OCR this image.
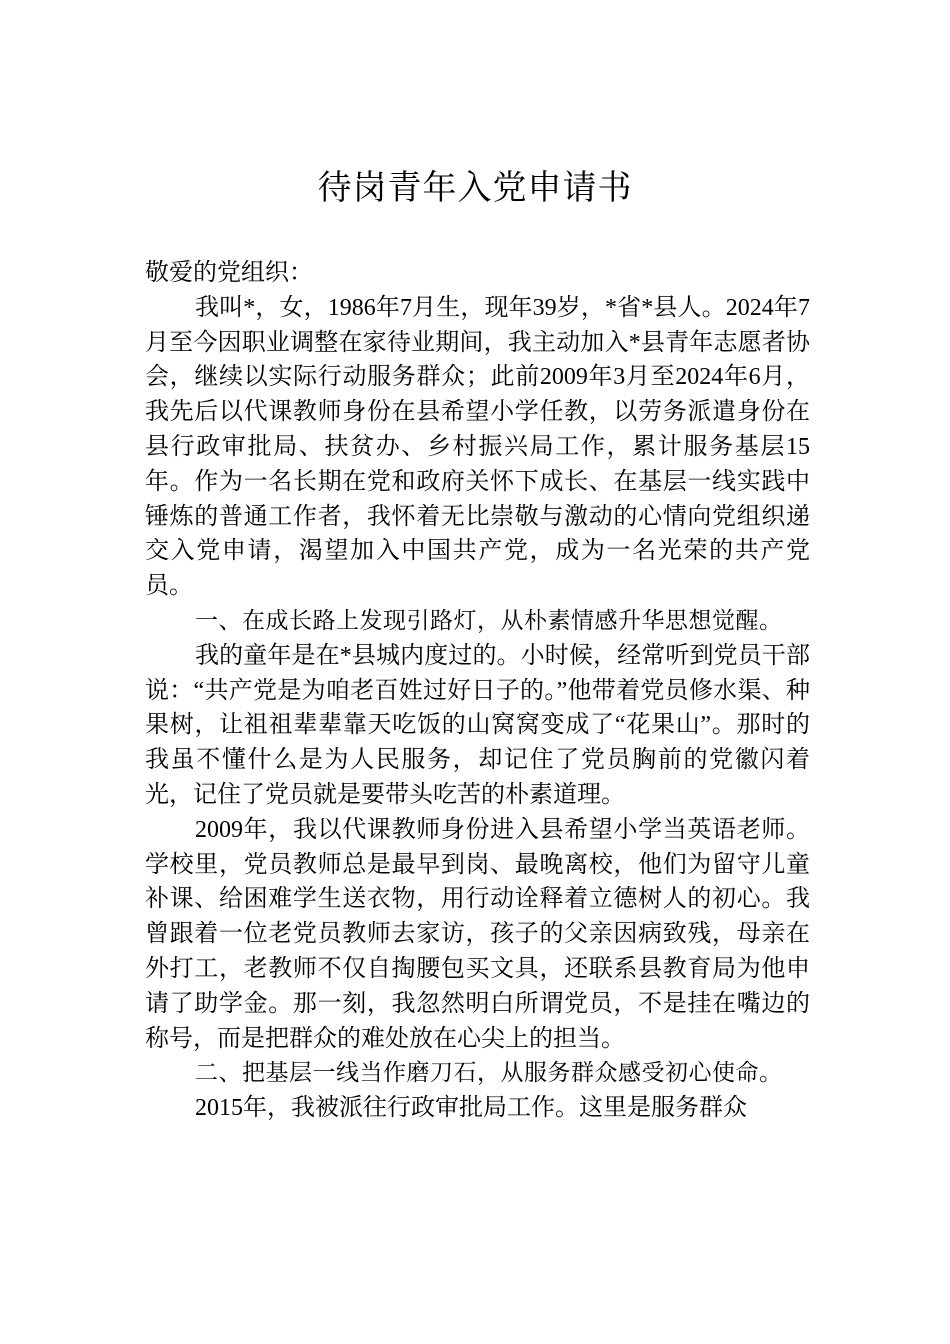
待岗青年入党申请书

敬爱的党组织：

我叫*，女，1986年7月生，现年39岁，*省*县人。2024年7月至今因职业调整在家待业期间，我主动加入*县青年志愿者协会，继续以实际行动服务群众；此前2009年3月至2024年6月，我先后以代课教师身份在县希望小学任教，以劳务派遣身份在县行政审批局、扶贫办、乡村振兴局工作，累计服务基层15年。作为一名长期在党和政府关怀下成长、在基层一线实践中锤炼的普通工作者，我怀着无比崇敬与激动的心情向党组织递交入党申请，渴望加入中国共产党，成为一名光荣的共产党员。

一、在成长路上发现引路灯，从朴素情感升华思想觉醒。

我的童年是在*县城内度过的。小时候，经常听到党员干部说：“共产党是为咱老百姓过好日子的。”他带着党员修水渠、种果树，让祖祖辈辈靠天吃饭的山窝窝变成了“花果山”。那时的我虽不懂什么是为人民服务，却记住了党员胸前的党徽闪着光，记住了党员就是要带头吃苦的朴素道理。

2009年，我以代课教师身份进入县希望小学当英语老师。学校里，党员教师总是最早到岗、最晚离校，他们为留守儿童补课、给困难学生送衣物，用行动诠释着立德树人的初心。我曾跟着一位老党员教师去家访，孩子的父亲因病致残，母亲在外打工，老教师不仅自掏腰包买文具，还联系县教育局为他申请了助学金。那一刻，我忽然明白所谓党员，不是挂在嘴边的称号，而是把群众的难处放在心尖上的担当。

二、把基层一线当作磨刀石，从服务群众感受初心使命。

2015年，我被派往行政审批局工作。这里是服务群众
